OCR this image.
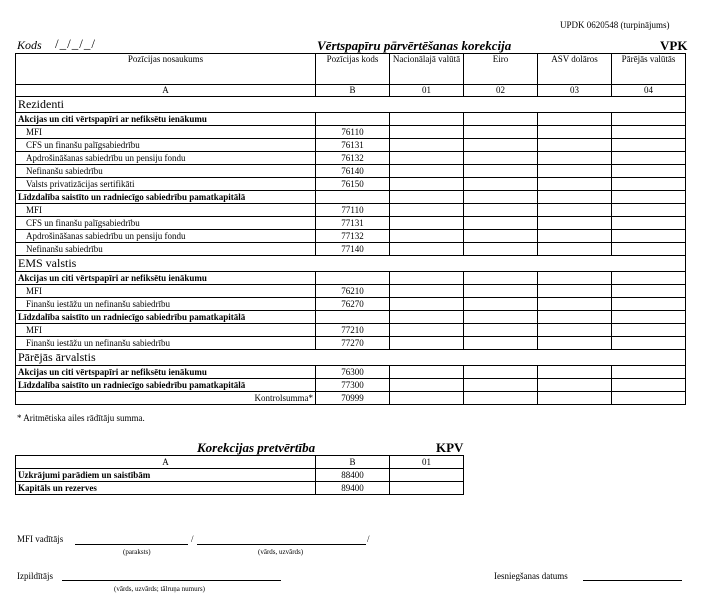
UPDK 0620548 (turpinājums)
Kods /_/_/_/	Vērtspapīru pārvērtēšanas korekcija	VPK
Pozīcijas nosaukums	Pozīcijas kods	Nacionālajā valūtā	Eiro	ASV dolāros	Pārējās valūtās
A	B	01	02	03	04
Rezidenti					
Akcijas un citi vērtspapīri ar nefiksētu ienākumu					
MFI	76110				
CFS un finanšu palīgsabiedrību	76131				
Apdrošināšanas sabiedrību un pensiju fondu	76132				
Nefinanšu sabiedrību	76140				
Valsts privatizācijas sertifikāti	76150				
Līdzdalība saistīto un radniecīgo sabiedrību pamatkapitālā					
MFI	77110				
CFS un finanšu palīgsabiedrību	77131				
Apdrošināšanas sabiedrību un pensiju fondu	77132				
Nefinanšu sabiedrību	77140				
EMS valstis					
Akcijas un citi vērtspapīri ar nefiksētu ienākumu					
MFI	76210				
Finanšu iestāžu un nefinanšu sabiedrību	76270				
Līdzdalība saistīto un radniecīgo sabiedrību pamatkapitālā					
MFI	77210				
Finanšu iestāžu un nefinanšu sabiedrību	77270				
Pārējās ārvalstis					
Akcijas un citi vērtspapīri ar nefiksētu ienākumu	76300				
Līdzdalība saistīto un radniecīgo sabiedrību pamatkapitālā	77300				
Kontrolsumma*	70999				
* Aritmētiska ailes rādītāju summa.
Korekcijas pretvērtība	KPV
A	B	01
Uzkrājumi parādiem un saistībām	88400	
Kapitāls un rezerves	89400	
MFI vadītājs	/	/
(paraksts)	(vārds, uzvārds)
Izpildītājs
(vārds, uzvārds; tālruņa numurs)
Iesniegšanas datums
